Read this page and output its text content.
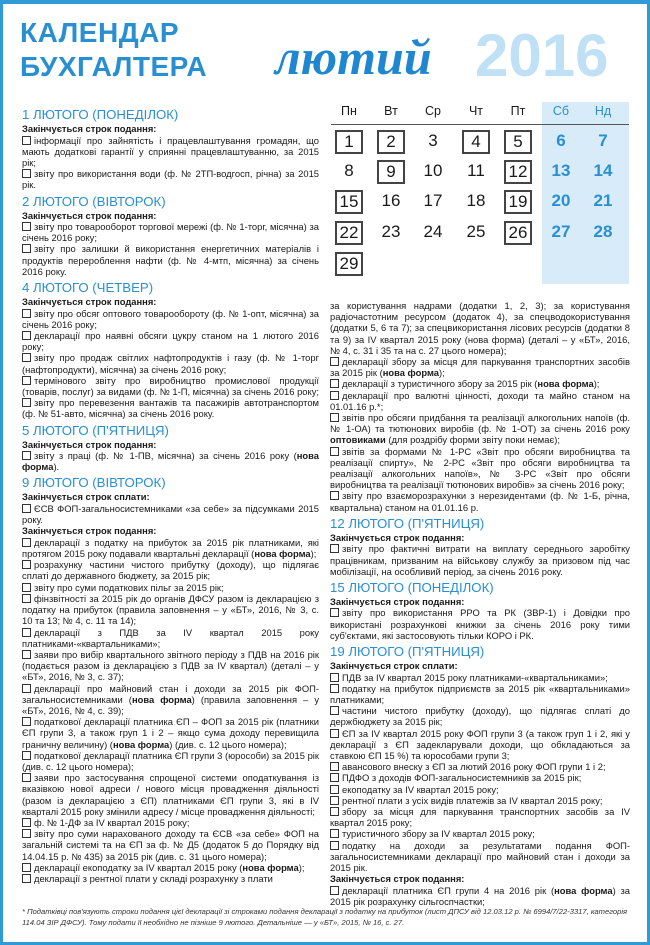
КАЛЕНДАР
БУХГАЛТЕРА лютий 2016
Пн	Вт	Ср	Чт	Пт	Сб	Нд
1	2	3	4	5	6	7
8	9	10	11	12 13 14
15 16 17 18 19 20 21
22 23 24 25 26 27 28
29
1 ЛЮТОГО (ПОНЕДІЛОК)
Закінчується строк подання:
інформації про зайнятість і працевлаштування громадян, що мають додаткові гарантії у сприянні працевлаштуванню, за 2015 рік;
звіту про використання води (ф. № 2ТП-водгосп, річна) за 2015 рік.
2 ЛЮТОГО (ВІВТОРОК)
Закінчується строк подання:
звіту про товарооборот торгової мережі (ф. № 1-торг, місячна) за січень 2016 року;
звіту про залишки й використання енергетичних матеріалів і продуктів перероблення нафти (ф. № 4-мтп, місячна) за січень 2016 року.
4 ЛЮТОГО (ЧЕТВЕР)
Закінчується строк подання:
звіту про обсяг оптового товарообороту (ф. № 1-опт, місячна) за січень 2016 року;
декларації про наявні обсяги цукру станом на 1 лютого 2016 року;
звіту про продаж світлих нафтопродуктів і газу (ф. № 1-торг (нафтопродукти), місячна) за січень 2016 року;
термінового звіту про виробництво промислової продукції (товарів, послуг) за видами (ф. № 1-П, місячна) за січень 2016 року;
звіту про перевезення вантажів та пасажирів автотранспортом (ф. № 51-авто, місячна) за січень 2016 року.
5 ЛЮТОГО (П'ЯТНИЦЯ)
Закінчується строк подання:
звіту з праці (ф. № 1-ПВ, місячна) за січень 2016 року (нова форма).
9 ЛЮТОГО (ВІВТОРОК)
Закінчується строк сплати:
ЄСВ ФОП-загальносистемниками «за себе» за підсумками 2015 року.
Закінчується строк подання:
декларації з податку на прибуток за 2015 рік платниками, які протягом 2015 року подавали квартальні декларації (нова форма);
розрахунку частини чистого прибутку (доходу), що підлягає сплаті до державного бюджету, за 2015 рік;
звіту про суми податкових пільг за 2015 рік;
фінзвітності за 2015 рік до органів ДФСУ разом із декларацією з податку на прибуток (правила заповнення – у «БТ», 2016, № 3, с. 10 та 13; № 4, с. 11 та 14);
декларації з ПДВ за IV квартал 2015 року платниками-«квартальниками»;
заяви про вибір квартального звітного періоду з ПДВ на 2016 рік (подається разом із декларацією з ПДВ за IV квартал) (деталі – у «БТ», 2016, № 3, с. 37);
декларації про майновий стан і доходи за 2015 рік ФОП-загальносистемниками (нова форма) (правила заповнення – у «БТ», 2016, № 4, с. 39);
податкової декларації платника ЄП – ФОП за 2015 рік (платники ЄП групи 3, а також груп 1 і 2 – якщо сума доходу перевищила граничну величину) (нова форма) (див. с. 12 цього номера);
податкової декларації платника ЄП групи 3 (юрособи) за 2015 рік (див. с. 12 цього номера);
заяви про застосування спрощеної системи оподаткування із вказівкою нової адреси / нового місця провадження діяльності (разом із декларацією з ЄП) платниками ЄП групи 3, які в IV кварталі 2015 року змінили адресу / місце провадження діяльності;
ф. № 1-ДФ за IV квартал 2015 року;
звіту про суми нарахованого доходу та ЄСВ «за себе» ФОП на загальній системі та на ЄП за ф. № Д5 (додаток 5 до Порядку від 14.04.15 р. № 435) за 2015 рік (див. с. 31 цього номера);
декларації екоподатку за IV квартал 2015 року (нова форма);
декларації з рентної плати у складі розрахунку з плати
за користування надрами (додатки 1, 2, 3); за користування радіочастотним ресурсом (додаток 4), за спецводокористування (додатки 5, 6 та 7); за спецвикористання лісових ресурсів (додатки 8 та 9) за IV квартал 2015 року (нова форма) (деталі – у «БТ», 2016, № 4, с. 31 і 35 та на с. 27 цього номера);
декларації збору за місця для паркування транспортних засобів за 2015 рік (нова форма);
декларації з туристичного збору за 2015 рік (нова форма);
декларації про валютні цінності, доходи та майно станом на 01.01.16 р.*;
звітів про обсяги придбання та реалізації алкогольних напоїв (ф. № 1-ОА) та тютюнових виробів (ф. № 1-ОТ) за січень 2016 року оптовиками (для роздрібу форми звіту поки немає);
звітів за формами № 1-РС «Звіт про обсяги виробництва та реалізації спирту», № 2-РС «Звіт про обсяги виробництва та реалізації алкогольних напоїв», № 3-РС «Звіт про обсяги виробництва та реалізації тютюнових виробів» за січень 2016 року;
звіту про взаєморозрахунки з нерезидентами (ф. № 1-Б, річна, квартальна) станом на 01.01.16 р.
12 ЛЮТОГО (П'ЯТНИЦЯ)
Закінчується строк подання:
звіту про фактичні витрати на виплату середнього заробітку працівникам, призваним на військову службу за призовом під час мобілізації, на особливий період, за січень 2016 року.
15 ЛЮТОГО (ПОНЕДІЛОК)
Закінчується строк подання:
звіту про використання РРО та РК (ЗВР-1) і Довідки про використані розрахункові книжки за січень 2016 року тими суб'єктами, які застосовують тільки КОРО і РК.
19 ЛЮТОГО (П'ЯТНИЦЯ)
Закінчується строк сплати:
ПДВ за IV квартал 2015 року платниками-«квартальниками»;
податку на прибуток підприємств за 2015 рік «квартальниками» платниками;
частини чистого прибутку (доходу), що підлягає сплаті до держбюджету за 2015 рік;
ЄП за IV квартал 2015 року ФОП групи 3 (а також груп 1 і 2, які у декларації з ЄП задекларували доходи, що обкладаються за ставкою ЄП 15 %) та юрособами групи 3;
авансового внеску з ЄП за лютий 2016 року ФОП групи 1 і 2;
ПДФО з доходів ФОП-загальносистемників за 2015 рік;
екоподатку за IV квартал 2015 року;
рентної плати з усіх видів платежів за IV квартал 2015 року;
збору за місця для паркування транспортних засобів за IV квартал 2015 року;
туристичного збору за IV квартал 2015 року;
податку на доходи за результатами подання ФОП-загальносистемниками декларації про майновий стан і доходи за 2015 рік.
Закінчується строк подання:
декларації платника ЄП групи 4 на 2016 рік (нова форма) за 2015 рік розрахунку сільгоспчастки;
* Податківці пов'язують строки подання цієї декларації зі строками подання декларації з податку на прибуток (лист ДПСУ від 12.03.12 р. № 6994/7/22-3317, категорія 114.04 ЗІР ДФСУ). Тому подати її необхідно не пізніше 9 лютого. Детальніше — у «БТ», 2015, № 16, с. 27.
